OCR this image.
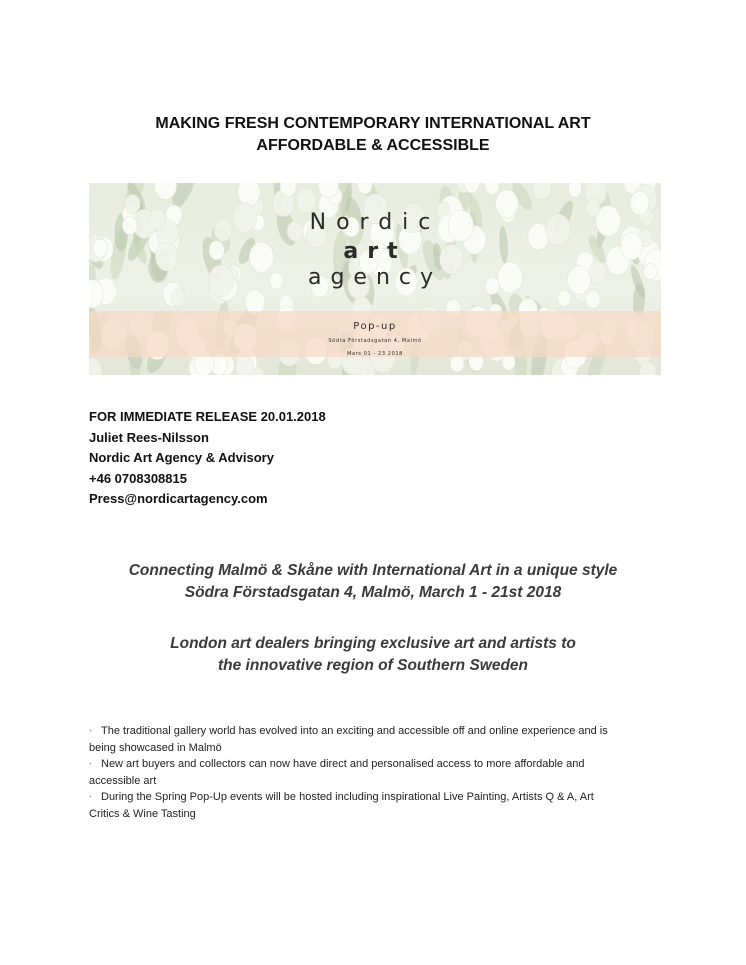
MAKING FRESH CONTEMPORARY INTERNATIONAL ART
AFFORDABLE & ACCESSIBLE
Nordic
art
agency
Pop-up
Södra Förstadsgatan 4, Malmö
Mars 01 - 23 2018
FOR IMMEDIATE RELEASE 20.01.2018
Juliet Rees-Nilsson
Nordic Art Agency & Advisory
+46 0708308815
Press@nordicartagency.com
Connecting Malmö & Skåne with International Art in a unique style
Södra Förstadsgatan 4, Malmö, March 1 - 21st 2018
London art dealers bringing exclusive art and artists to
the innovative region of Southern Sweden

· The traditional gallery world has evolved into an exciting and accessible off and online experience and is
being showcased in Malmö

· New art buyers and collectors can now have direct and personalised access to more affordable and
accessible art

· During the Spring Pop-Up events will be hosted including inspirational Live Painting, Artists Q & A, Art
Critics & Wine Tasting
